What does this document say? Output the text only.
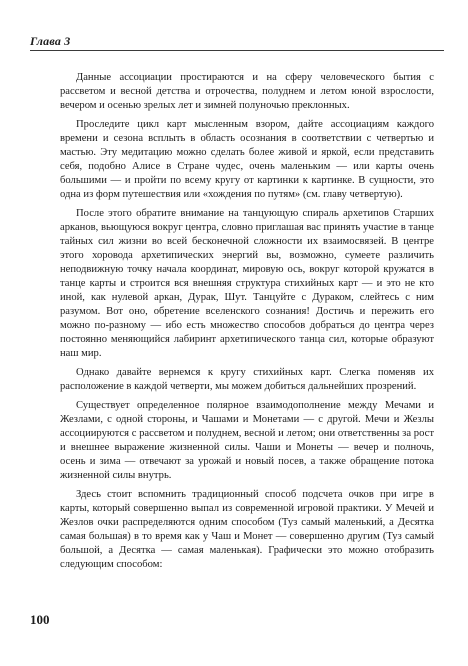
Глава 3

Данные ассоциации простираются и на сферу человеческого бытия с рассветом и весной детства и отрочества, полуднем и летом юной взрослости, вечером и осенью зрелых лет и зимней полуночью преклонных.

Проследите цикл карт мысленным взором, дайте ассоциациям каждого времени и сезона всплыть в область осознания в соответствии с четвертью и мастью. Эту медитацию можно сделать более живой и яркой, если представить себя, подобно Алисе в Стране чудес, очень маленьким — или карты очень большими — и пройти по всему кругу от картинки к картинке. В сущности, это одна из форм путешествия или «хождения по путям» (см. главу четвертую).

После этого обратите внимание на танцующую спираль архетипов Старших арканов, вьющуюся вокруг центра, словно приглашая вас принять участие в танце тайных сил жизни во всей бесконечной сложности их взаимосвязей. В центре этого хоровода архетипических энергий вы, возможно, сумеете различить неподвижную точку начала координат, мировую ось, вокруг которой кружатся в танце карты и строится вся внешняя структура стихийных карт — и это не кто иной, как нулевой аркан, Дурак, Шут. Танцуйте с Дураком, слейтесь с ним разумом. Вот оно, обретение вселенского сознания! Достичь и пережить его можно по-разному — ибо есть множество способов добраться до центра через постоянно меняющийся лабиринт архетипического танца сил, которые образуют наш мир.

Однако давайте вернемся к кругу стихийных карт. Слегка поменяв их расположение в каждой четверти, мы можем добиться дальнейших прозрений.

Существует определенное полярное взаимодополнение между Мечами и Жезлами, с одной стороны, и Чашами и Монетами — с другой. Мечи и Жезлы ассоциируются с рассветом и полуднем, весной и летом; они ответственны за рост и внешнее выражение жизненной силы. Чаши и Монеты — вечер и полночь, осень и зима — отвечают за урожай и новый посев, а также обращение потока жизненной силы внутрь.

Здесь стоит вспомнить традиционный способ подсчета очков при игре в карты, который совершенно выпал из современной игровой практики. У Мечей и Жезлов очки распределяются одним способом (Туз самый маленький, а Десятка самая большая) в то время как у Чаш и Монет — совершенно другим (Туз самый большой, а Десятка — самая маленькая). Графически это можно отобразить следующим способом:

100
